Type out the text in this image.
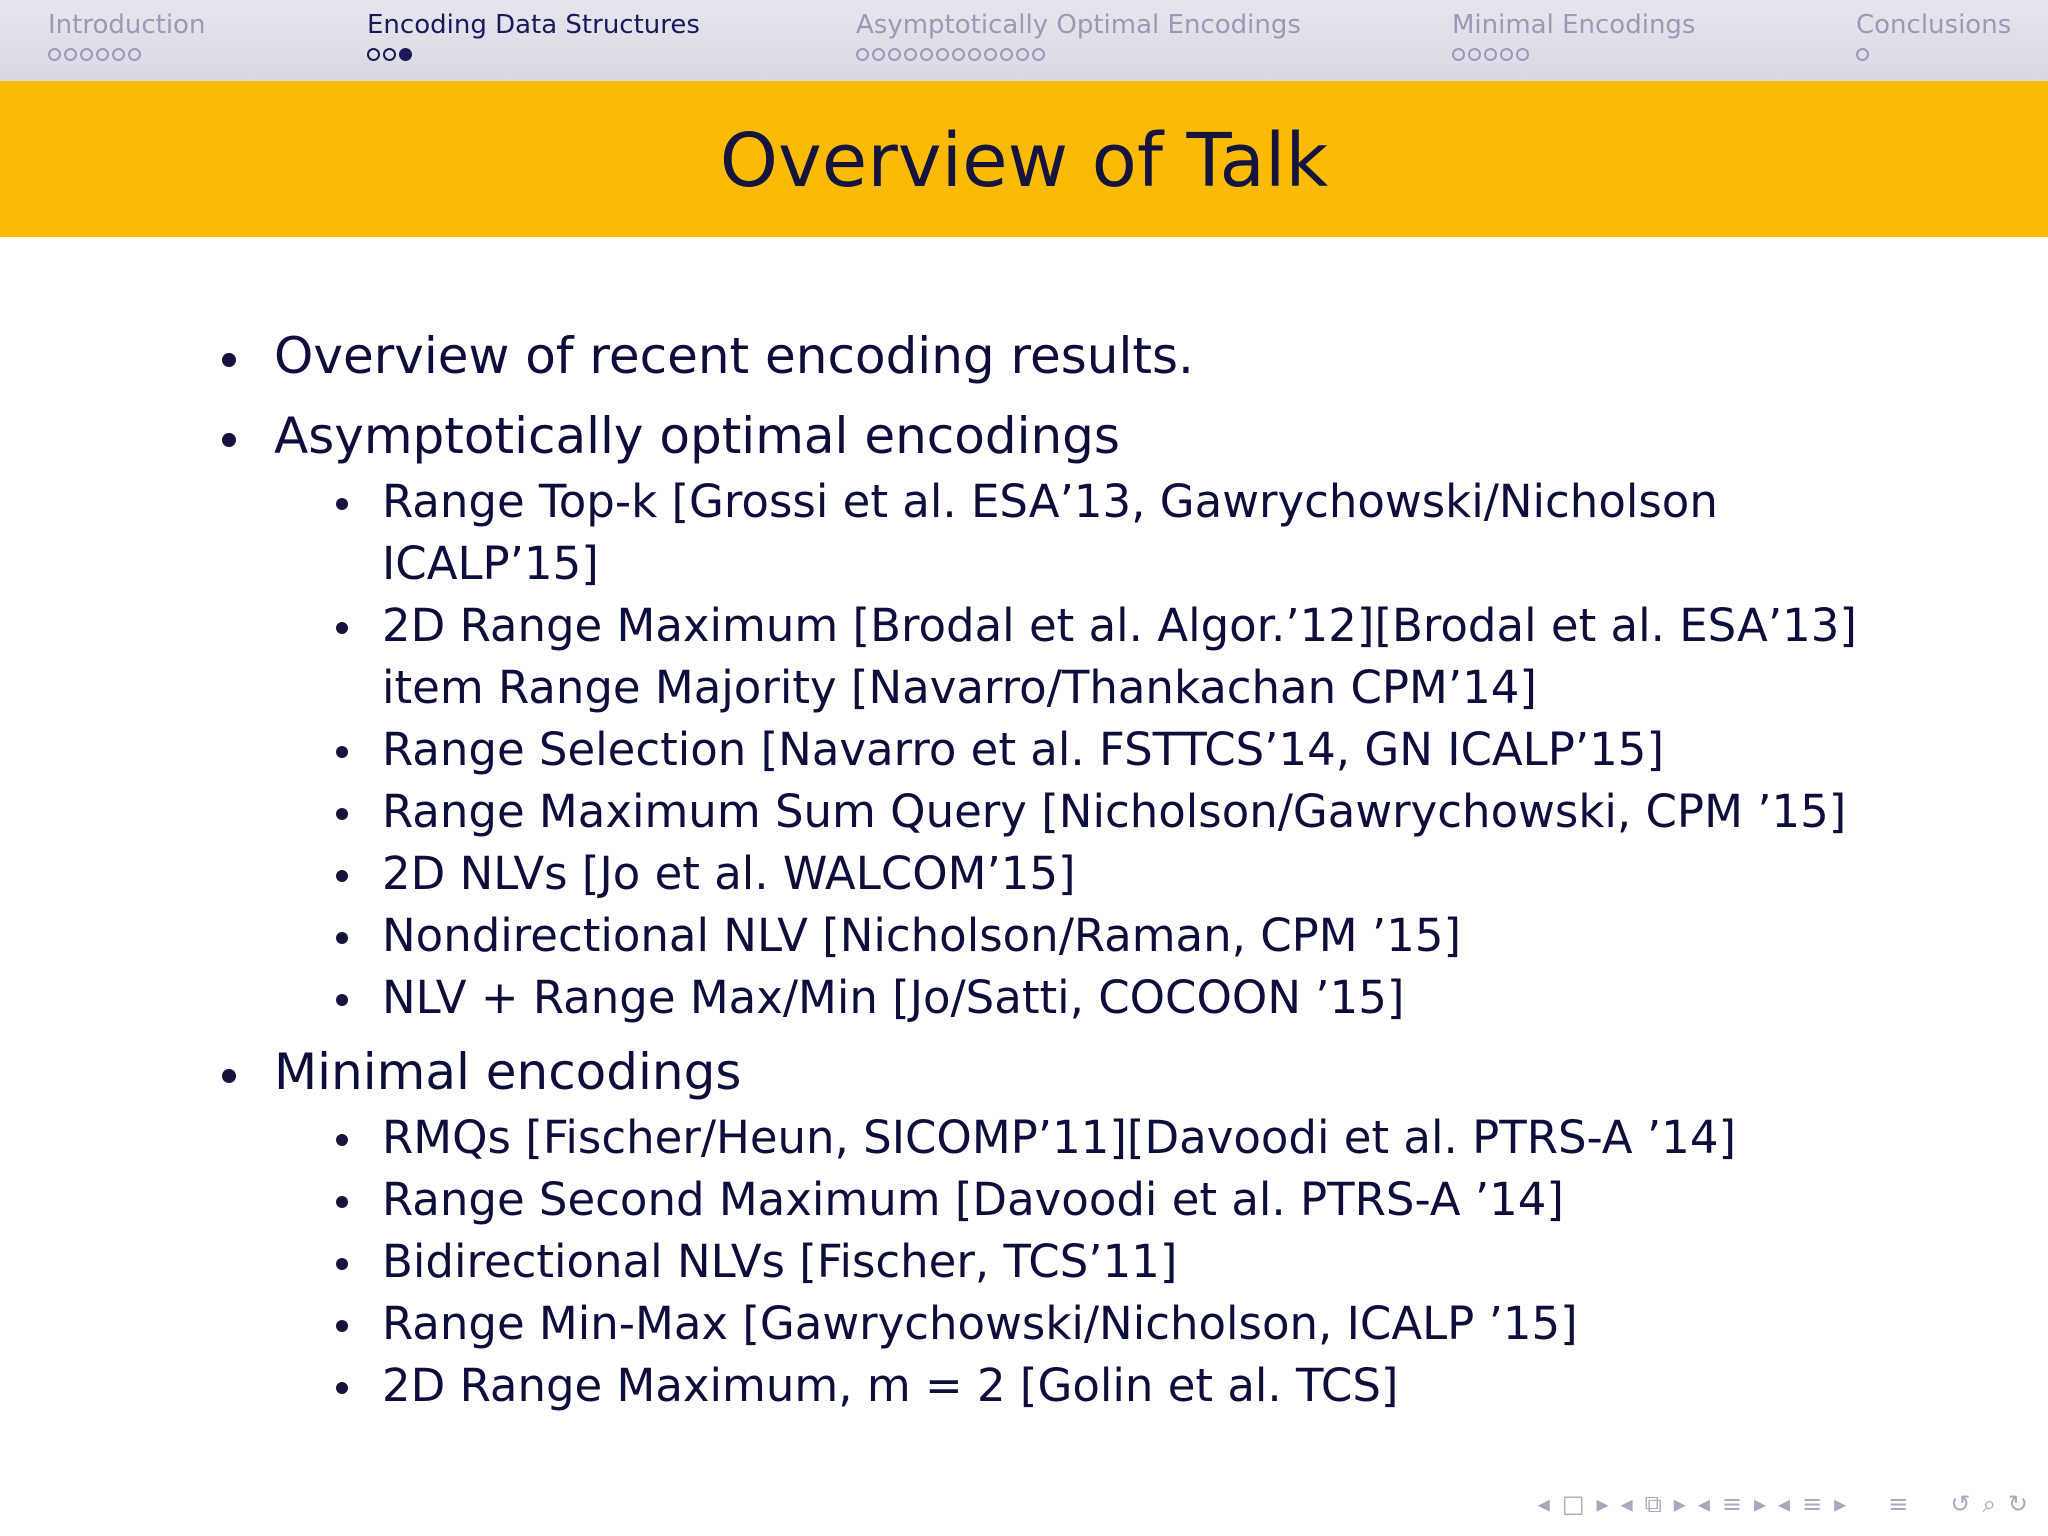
Introduction	Encoding Data Structures	Asymptotically Optimal Encodings	Minimal Encodings	Conclusions
Overview of Talk
Overview of recent encoding results.
Asymptotically optimal encodings
Range Top-k [Grossi et al. ESA’13, Gawrychowski/Nicholson ICALP’15]
2D Range Maximum [Brodal et al. Algor.’12][Brodal et al. ESA’13] item Range Majority [Navarro/Thankachan CPM’14]
Range Selection [Navarro et al. FSTTCS’14, GN ICALP’15]
Range Maximum Sum Query [Nicholson/Gawrychowski, CPM ’15]
2D NLVs [Jo et al. WALCOM’15]
Nondirectional NLV [Nicholson/Raman, CPM ’15]
NLV + Range Max/Min [Jo/Satti, COCOON ’15]
Minimal encodings
RMQs [Fischer/Heun, SICOMP’11][Davoodi et al. PTRS-A ’14]
Range Second Maximum [Davoodi et al. PTRS-A ’14]
Bidirectional NLVs [Fischer, TCS’11]
Range Min-Max [Gawrychowski/Nicholson, ICALP ’15]
2D Range Maximum, m = 2 [Golin et al. TCS]
◂ □ ▸ ◂ ⧉ ▸ ◂ ≡ ▸ ◂ ≡ ▸ ≡ ↺ ⌕ ↻
